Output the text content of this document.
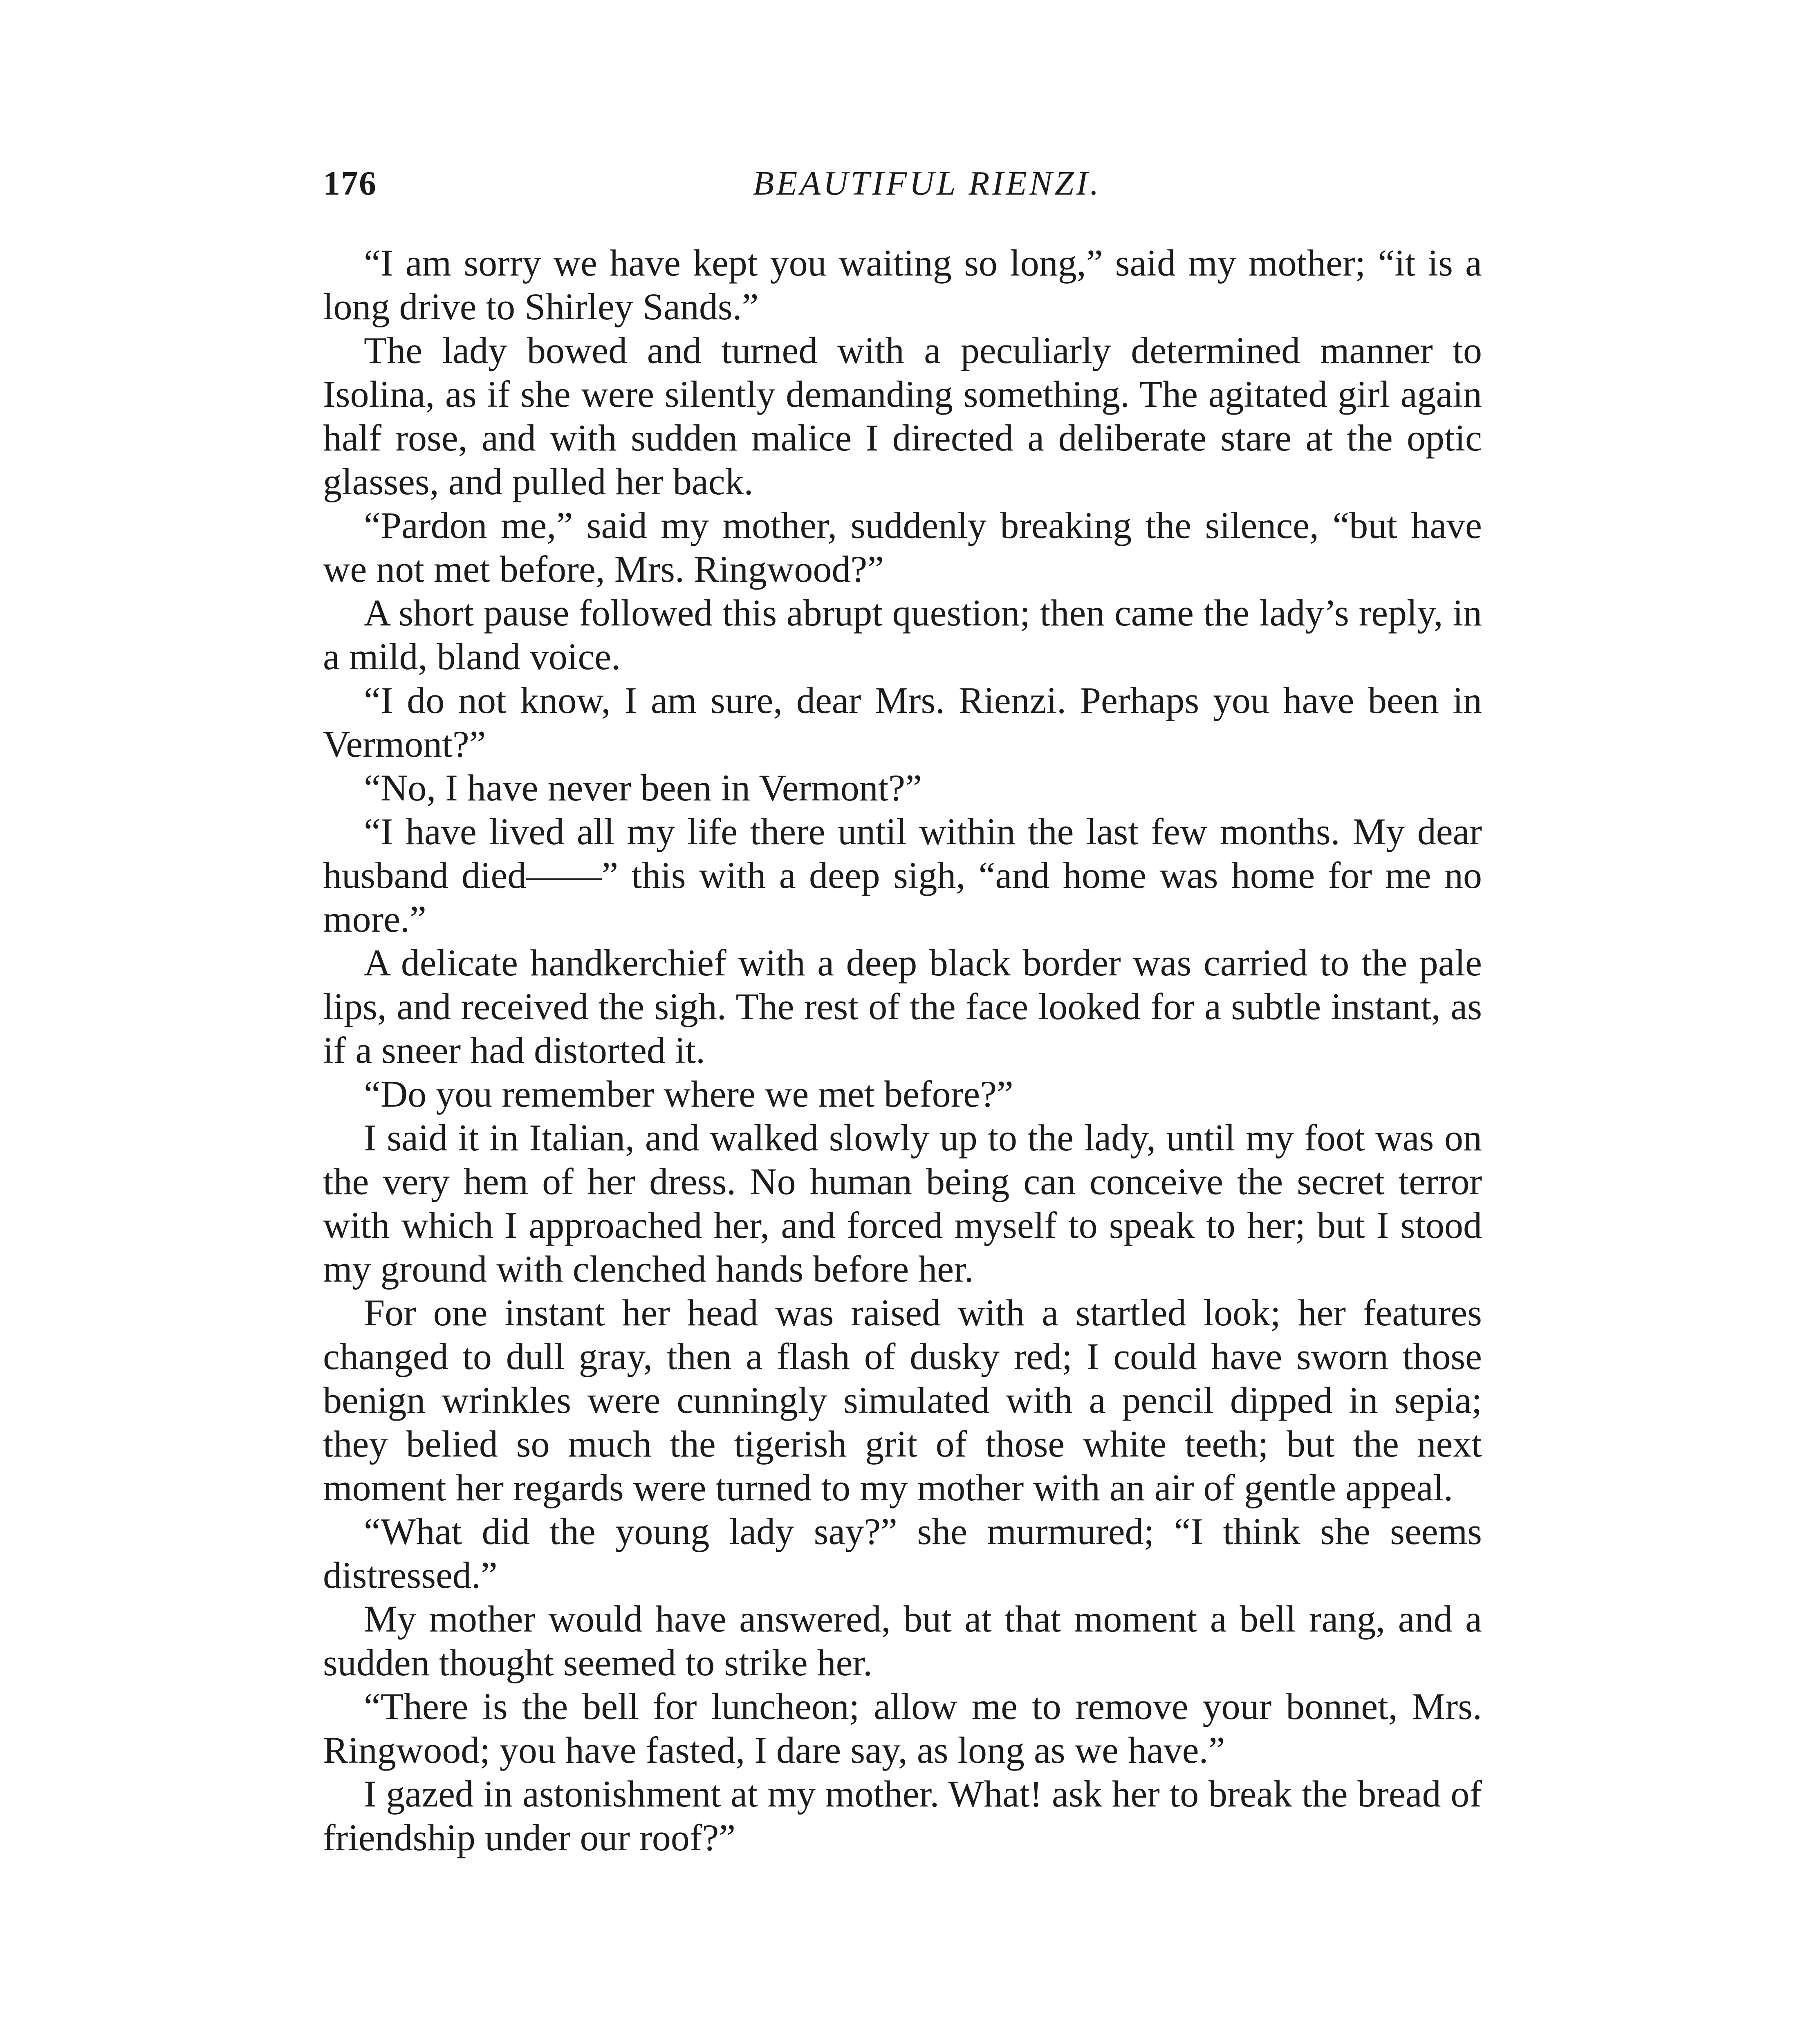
176	BEAUTIFUL RIENZI.

“I am sorry we have kept you waiting so long,” said my mother; “it is a long drive to Shirley Sands.”

The lady bowed and turned with a peculiarly determined manner to Isolina, as if she were silently demanding something. The agitated girl again half rose, and with sudden malice I directed a deliberate stare at the optic glasses, and pulled her back.

“Pardon me,” said my mother, suddenly breaking the silence, “but have we not met before, Mrs. Ringwood?”

A short pause followed this abrupt question; then came the lady’s reply, in a mild, bland voice.

“I do not know, I am sure, dear Mrs. Rienzi. Perhaps you have been in Vermont?”

“No, I have never been in Vermont?”

“I have lived all my life there until within the last few months. My dear husband died——” this with a deep sigh, “and home was home for me no more.”

A delicate handkerchief with a deep black border was carried to the pale lips, and received the sigh. The rest of the face looked for a subtle instant, as if a sneer had distorted it.

“Do you remember where we met before?”

I said it in Italian, and walked slowly up to the lady, until my foot was on the very hem of her dress. No human being can conceive the secret terror with which I approached her, and forced myself to speak to her; but I stood my ground with clenched hands before her.

For one instant her head was raised with a startled look; her features changed to dull gray, then a flash of dusky red; I could have sworn those benign wrinkles were cunningly simulated with a pencil dipped in sepia; they belied so much the tigerish grit of those white teeth; but the next moment her regards were turned to my mother with an air of gentle appeal.

“What did the young lady say?” she murmured; “I think she seems distressed.”

My mother would have answered, but at that moment a bell rang, and a sudden thought seemed to strike her.

“There is the bell for luncheon; allow me to remove your bonnet, Mrs. Ringwood; you have fasted, I dare say, as long as we have.”

I gazed in astonishment at my mother. What! ask her to break the bread of friendship under our roof?”
